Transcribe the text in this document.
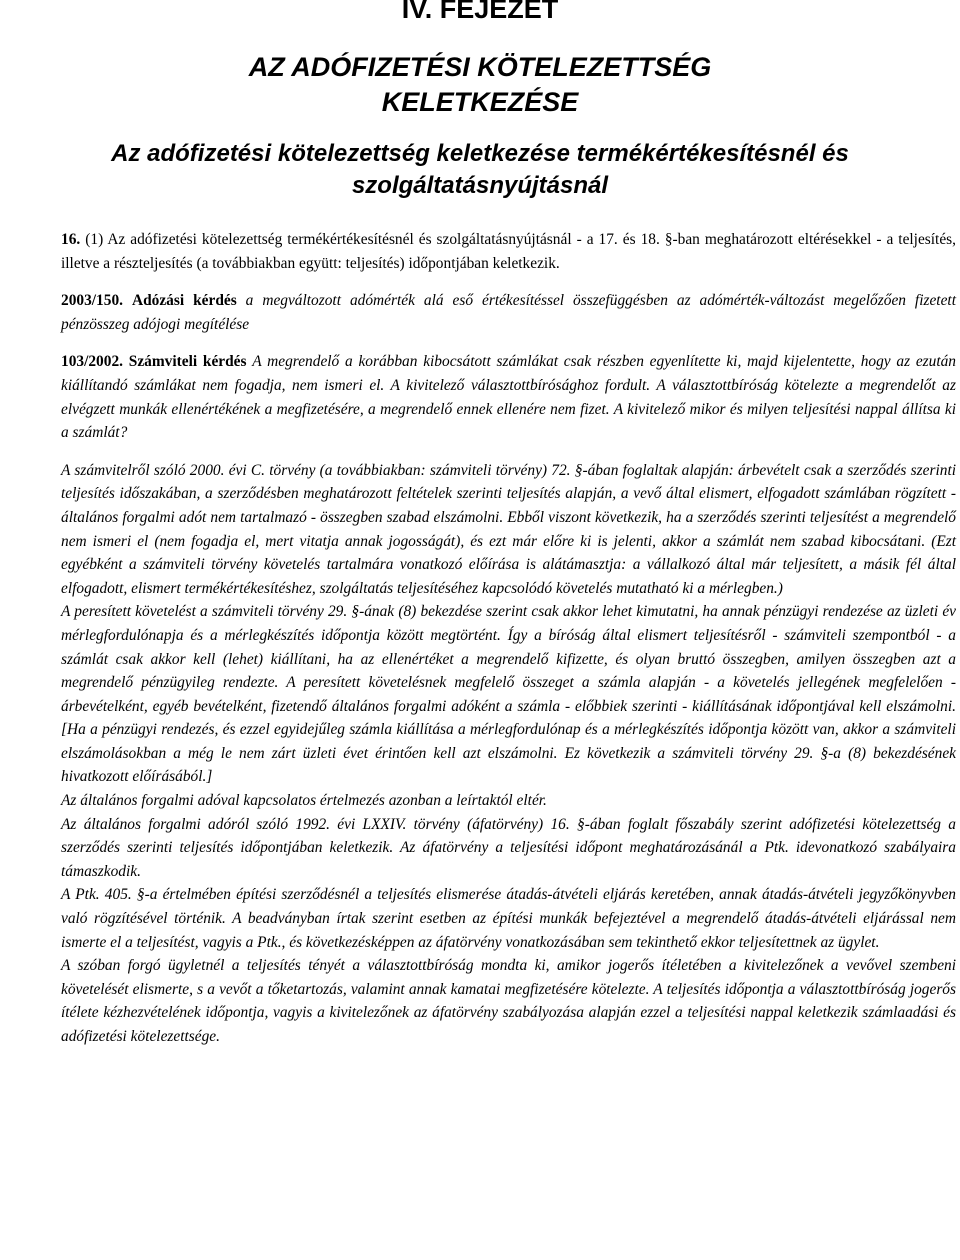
IV. FEJEZET
AZ ADÓFIZETÉSI KÖTELEZETTSÉG
KELETKEZÉSE
Az adófizetési kötelezettség keletkezése termékértékesítésnél és
szolgáltatásnyújtásnál

16. (1) Az adófizetési kötelezettség termékértékesítésnél és szolgáltatásnyújtásnál - a 17. és 18. §-ban meghatározott eltérésekkel - a teljesítés, illetve a részteljesítés (a továbbiakban együtt: teljesítés) időpontjában keletkezik.

2003/150. Adózási kérdés a megváltozott adómérték alá eső értékesítéssel összefüggésben az adómérték-változást megelőzően fizetett pénzösszeg adójogi megítélése

103/2002. Számviteli kérdés A megrendelő a korábban kibocsátott számlákat csak részben egyenlítette ki, majd kijelentette, hogy az ezután kiállítandó számlákat nem fogadja, nem ismeri el. A kivitelező választottbírósághoz fordult. A választottbíróság kötelezte a megrendelőt az elvégzett munkák ellenértékének a megfizetésére, a megrendelő ennek ellenére nem fizet. A kivitelező mikor és milyen teljesítési nappal állítsa ki a számlát?

A számvitelről szóló 2000. évi C. törvény (a továbbiakban: számviteli törvény) 72. §-ában foglaltak alapján: árbevételt csak a szerződés szerinti teljesítés időszakában, a szerződésben meghatározott feltételek szerinti teljesítés alapján, a vevő által elismert, elfogadott számlában rögzített - általános forgalmi adót nem tartalmazó - összegben szabad elszámolni. Ebből viszont következik, ha a szerződés szerinti teljesítést a megrendelő nem ismeri el (nem fogadja el, mert vitatja annak jogosságát), és ezt már előre ki is jelenti, akkor a számlát nem szabad kibocsátani. (Ezt egyébként a számviteli törvény követelés tartalmára vonatkozó előírása is alátámasztja: a vállalkozó által már teljesített, a másik fél által elfogadott, elismert termékértékesítéshez, szolgáltatás teljesítéséhez kapcsolódó követelés mutatható ki a mérlegben.)

A peresített követelést a számviteli törvény 29. §-ának (8) bekezdése szerint csak akkor lehet kimutatni, ha annak pénzügyi rendezése az üzleti év mérlegfordulónapja és a mérlegkészítés időpontja között megtörtént. Így a bíróság által elismert teljesítésről - számviteli szempontból - a számlát csak akkor kell (lehet) kiállítani, ha az ellenértéket a megrendelő kifizette, és olyan bruttó összegben, amilyen összegben azt a megrendelő pénzügyileg rendezte. A peresített követelésnek megfelelő összeget a számla alapján - a követelés jellegének megfelelően - árbevételként, egyéb bevételként, fizetendő általános forgalmi adóként a számla - előbbiek szerinti - kiállításának időpontjával kell elszámolni. [Ha a pénzügyi rendezés, és ezzel egyidejűleg számla kiállítása a mérlegfordulónap és a mérlegkészítés időpontja között van, akkor a számviteli elszámolásokban a még le nem zárt üzleti évet érintően kell azt elszámolni. Ez következik a számviteli törvény 29. §-a (8) bekezdésének hivatkozott előírásából.]

Az általános forgalmi adóval kapcsolatos értelmezés azonban a leírtaktól eltér.

Az általános forgalmi adóról szóló 1992. évi LXXIV. törvény (áfatörvény) 16. §-ában foglalt főszabály szerint adófizetési kötelezettség a szerződés szerinti teljesítés időpontjában keletkezik. Az áfatörvény a teljesítési időpont meghatározásánál a Ptk. idevonatkozó szabályaira támaszkodik.

A Ptk. 405. §-a értelmében építési szerződésnél a teljesítés elismerése átadás-átvételi eljárás keretében, annak átadás-átvételi jegyzőkönyvben való rögzítésével történik. A beadványban írtak szerint esetben az építési munkák befejeztével a megrendelő átadás-átvételi eljárással nem ismerte el a teljesítést, vagyis a Ptk., és következésképpen az áfatörvény vonatkozásában sem tekinthető ekkor teljesítettnek az ügylet.

A szóban forgó ügyletnél a teljesítés tényét a választottbíróság mondta ki, amikor jogerős ítéletében a kivitelezőnek a vevővel szembeni követelését elismerte, s a vevőt a tőketartozás, valamint annak kamatai megfizetésére kötelezte. A teljesítés időpontja a választottbíróság jogerős ítélete kézhezvételének időpontja, vagyis a kivitelezőnek az áfatörvény szabályozása alapján ezzel a teljesítési nappal keletkezik számlaadási és adófizetési kötelezettsége.
